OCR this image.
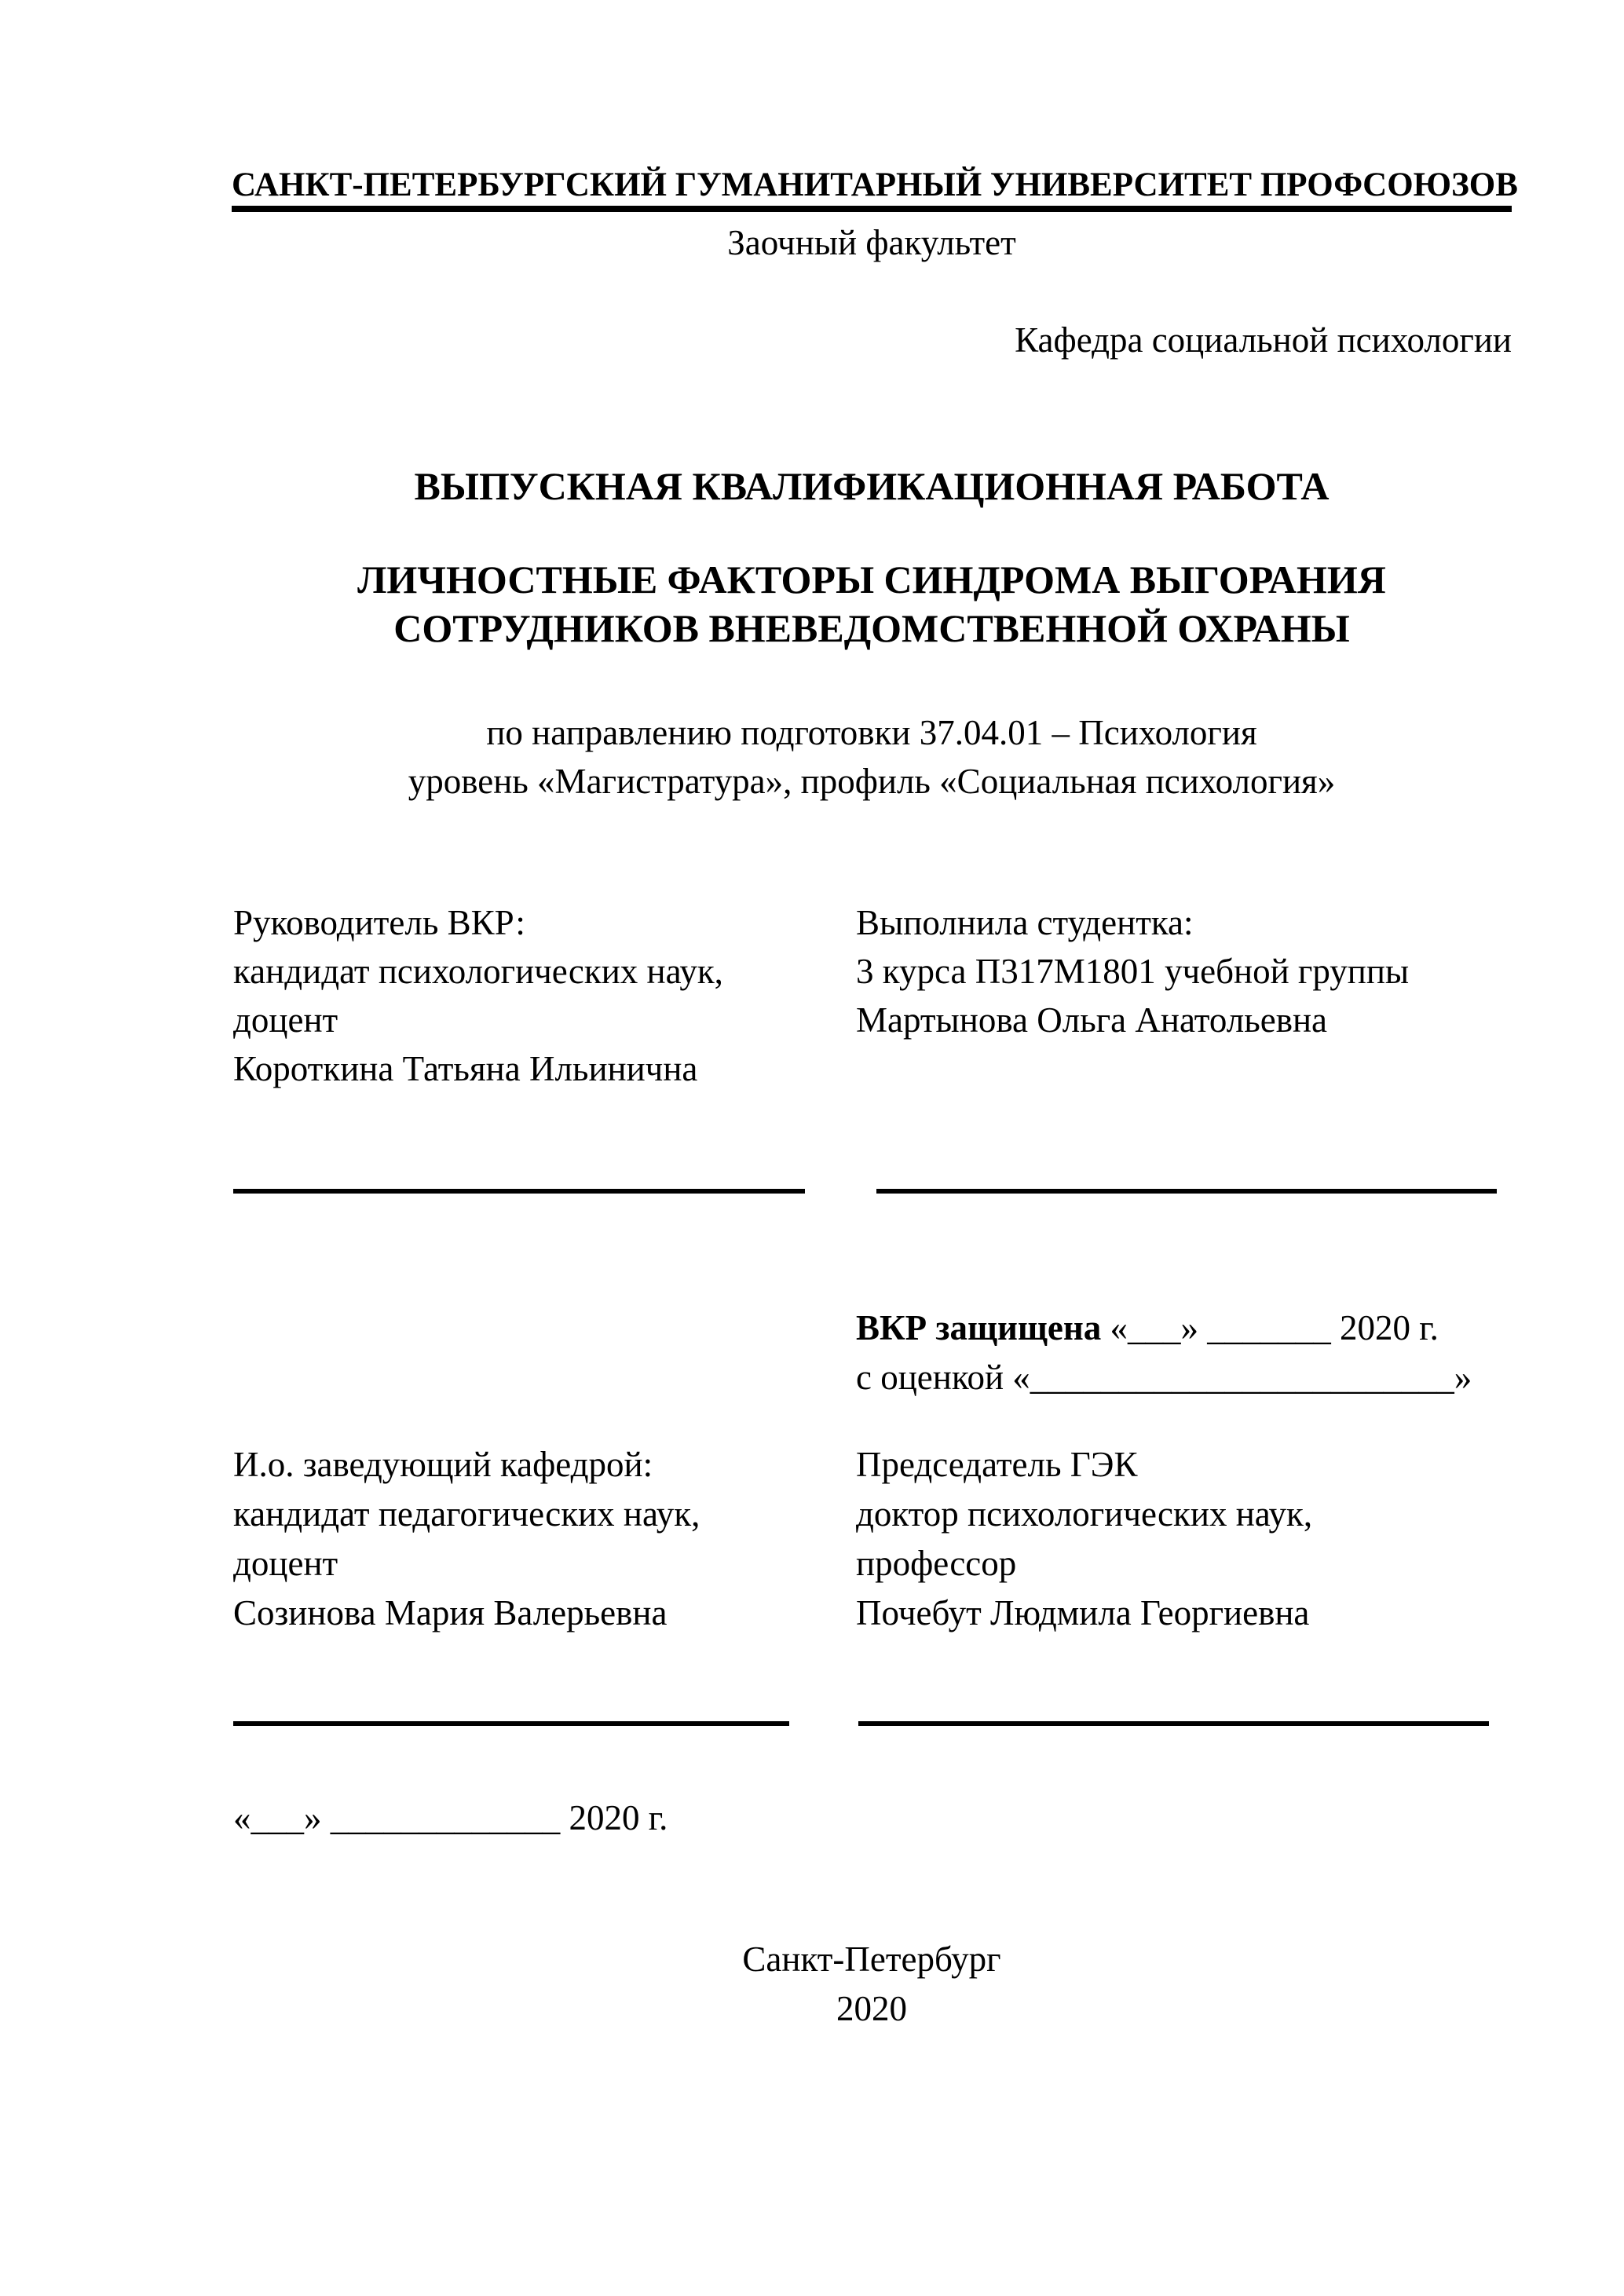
САНКТ-ПЕТЕРБУРГСКИЙ ГУМАНИТАРНЫЙ УНИВЕРСИТЕТ ПРОФСОЮЗОВ
Заочный факультет
Кафедра социальной психологии
ВЫПУСКНАЯ КВАЛИФИКАЦИОННАЯ РАБОТА
ЛИЧНОСТНЫЕ ФАКТОРЫ СИНДРОМА ВЫГОРАНИЯ
СОТРУДНИКОВ ВНЕВЕДОМСТВЕННОЙ ОХРАНЫ
по направлению подготовки 37.04.01 – Психология
уровень «Магистратура», профиль «Социальная психология»
Руководитель ВКР:
кандидат психологических наук,
доцент
Короткина Татьяна Ильинична
Выполнила студентка:
3 курса П317М1801 учебной группы
Мартынова Ольга Анатольевна
ВКР защищена «___» _______ 2020 г.
с оценкой «________________________»
И.о. заведующий кафедрой:
кандидат педагогических наук,
доцент
Созинова Мария Валерьевна
Председатель ГЭК
доктор психологических наук,
профессор
Почебут Людмила Георгиевна
«___» _____________ 2020 г.
Санкт-Петербург
2020
